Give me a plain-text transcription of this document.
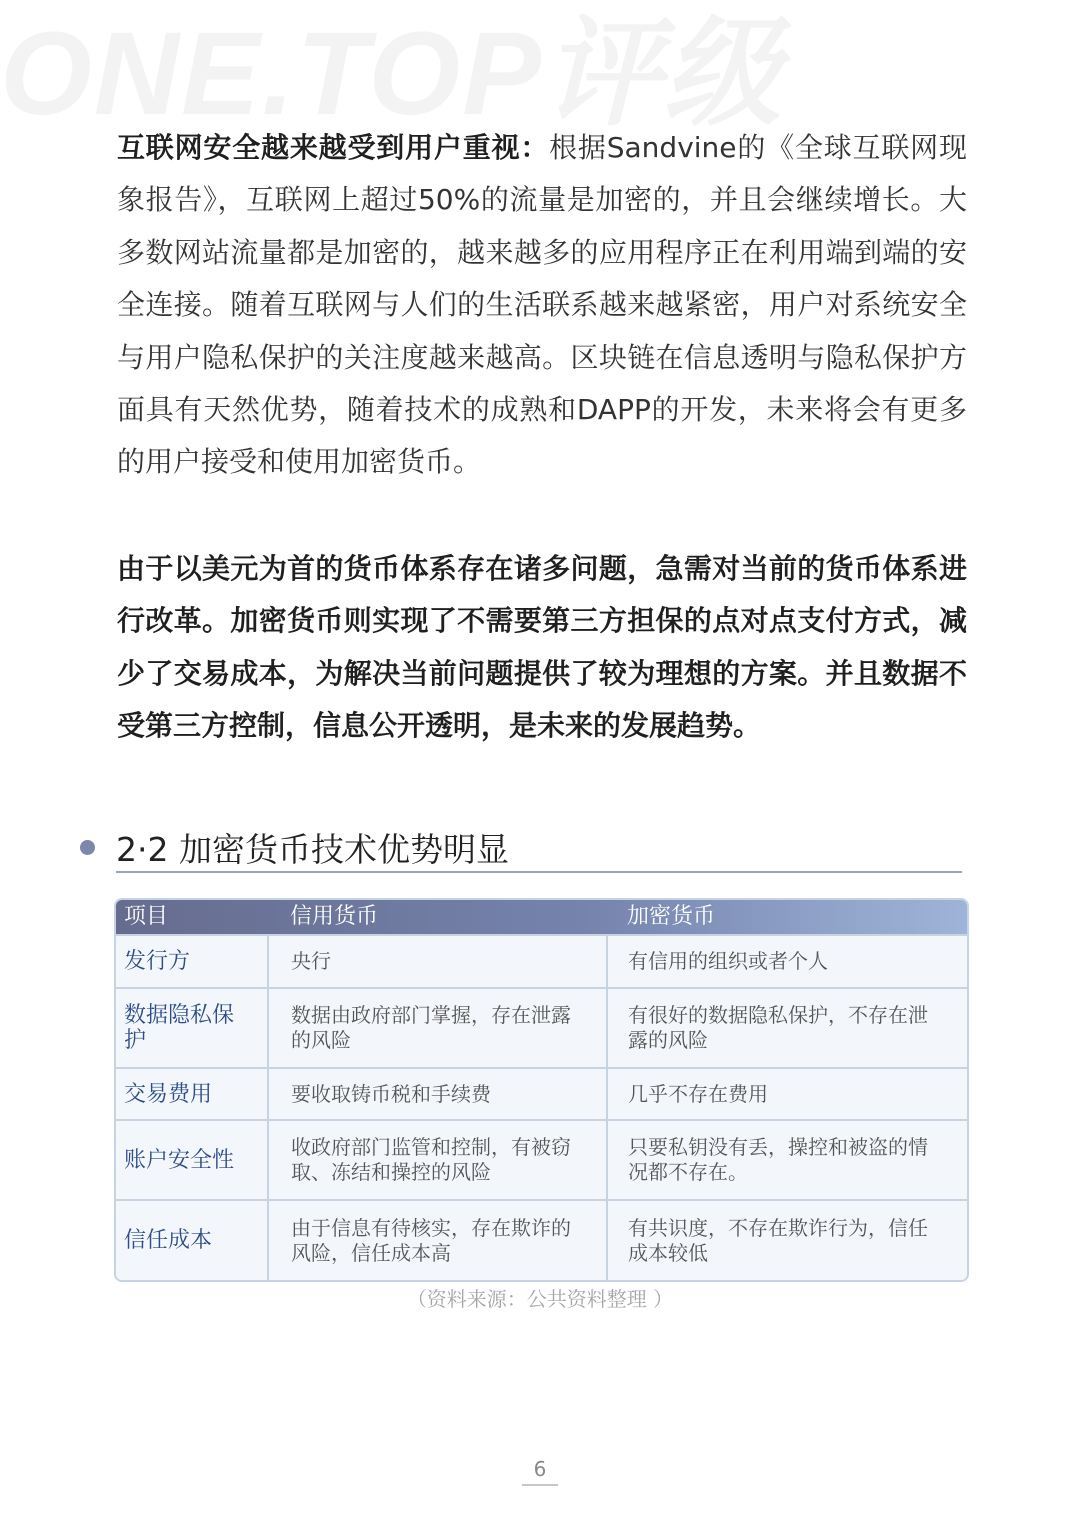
ONE.TOP评级

互联网安全越来越受到用户重视：根据Sandvine的《全球互联网现象报告》，互联网上超过50%的流量是加密的，并且会继续增长。大多数网站流量都是加密的，越来越多的应用程序正在利用端到端的安全连接。随着互联网与人们的生活联系越来越紧密，用户对系统安全与用户隐私保护的关注度越来越高。区块链在信息透明与隐私保护方面具有天然优势，随着技术的成熟和DAPP的开发，未来将会有更多的用户接受和使用加密货币。

由于以美元为首的货币体系存在诸多问题，急需对当前的货币体系进行改革。加密货币则实现了不需要第三方担保的点对点支付方式，减少了交易成本，为解决当前问题提供了较为理想的方案。并且数据不受第三方控制，信息公开透明，是未来的发展趋势。

2·2 加密货币技术优势明显
项目	信用货币	加密货币
发行方	央行	有信用的组织或者个人
数据隐私保护	数据由政府部门掌握，存在泄露的风险	有很好的数据隐私保护，不存在泄露的风险
交易费用	要收取铸币税和手续费	几乎不存在费用
账户安全性	收政府部门监管和控制，有被窃取、冻结和操控的风险	只要私钥没有丢，操控和被盗的情况都不存在。
信任成本	由于信息有待核实，存在欺诈的风险，信任成本高	有共识度，不存在欺诈行为，信任成本较低
（资料来源：公共资料整理 ）
6
